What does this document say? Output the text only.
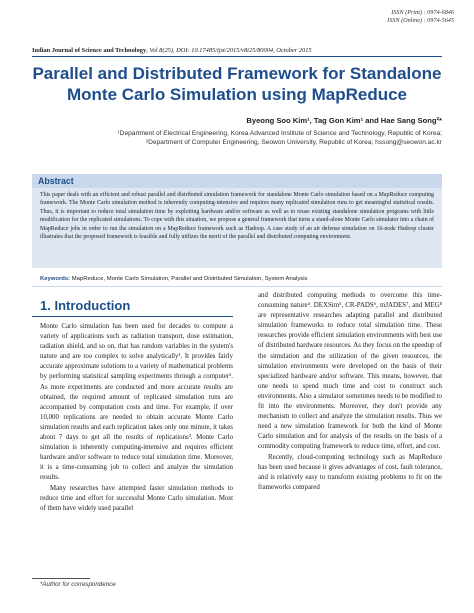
ISSN (Print) : 0974-6846
ISSN (Online) : 0974-5645
Indian Journal of Science and Technology, Vol 8(25), DOI: 10.17485/ijst/2015/v8i25/80004, October 2015
Parallel and Distributed Framework for Standalone
Monte Carlo Simulation using MapReduce
Byeong Soo Kim¹, Tag Gon Kim¹ and Hae Sang Song²*
¹Department of Electrical Engineering, Korea Advanced Institute of Science and Technology, Republic of Korea;
²Department of Computer Engineering, Seowon University, Republic of Korea; hssong@seowon.ac.kr
Abstract
This paper deals with an efficient and robust parallel and distributed simulation framework for standalone Monte Carlo simulation based on a MapReduce computing framework. The Monte Carlo simulation method is inherently computing-intensive and requires many replicated simulation runs to get meaningful statistical results. Thus, it is important to reduce total simulation time by exploiting hardware and/or software as well as to reuse existing standalone simulation programs with little modification for the replicated simulations. To cope with this situation, we propose a general framework that turns a stand-alone Monte Carlo simulator into a chain of MapReduce jobs in order to run the simulation on a MapReduce framework such as Hadoop. A case study of an air defense simulation on 16-node Hadoop cluster illustrates that the proposed framework is feasible and fully utilizes the merit of the parallel and distributed computing environment.
Keywords: MapReduce, Monte Carlo Simulation, Parallel and Distributed Simulation, System Analysis
1. Introduction

Monte Carlo simulation has been used for decades to compute a variety of applications such as radiation transport, dose estimation, radiation shield, and so on, that has random variables in the system's nature and are too complex to solve analytically¹. It provides fairly accurate approximate solutions to a variety of mathematical problems by performing statistical sampling experiments through a computer². As more experiments are conducted and more accurate results are obtained, the required amount of replicated simulation runs are accompanied by computation costs and time. For example, if over 10,000 replications are needed to obtain accurate Monte Carlo simulation results and each replication takes only one minute, it takes about 7 days to get all the results of replications³. Monte Carlo simulation is inherently computing-intensive and requires efficient hardware and/or software to reduce total simulation time. Moreover, it is a time-consuming job to collect and analyze the simulation results.

Many researches have attempted faster simulation methods to reduce time and effort for successful Monte Carlo simulation. Most of them have widely used parallel

and distributed computing methods to overcome this time-consuming nature⁴. DEXSim⁵, CR-PADS⁶, mJADES⁷, and MEG⁸ are representative researches adapting parallel and distributed simulation frameworks to reduce total simulation time. These researches provide efficient simulation environments with best use of distributed hardware resources. As they focus on the speedup of the simulation and the utilization of the given resources, the simulation environments were developed on the basis of their specialized hardware and/or software. This means, however, that one needs to spend much time and cost to construct such environments. Also a simulator sometimes needs to be modified to fit into the environments. Moreover, they don't provide any mechanism to collect and analyze the simulation results. Thus we need a new simulation framework for both the kind of Monte Carlo simulation and for analysis of the results on the basis of a commodity computing framework to reduce time, effort, and cost.

Recently, cloud-computing technology such as MapReduce has been used because it gives advantages of cost, fault tolerance, and is relatively easy to transform existing problems to fit on the frameworks compared

*Author for correspondence
